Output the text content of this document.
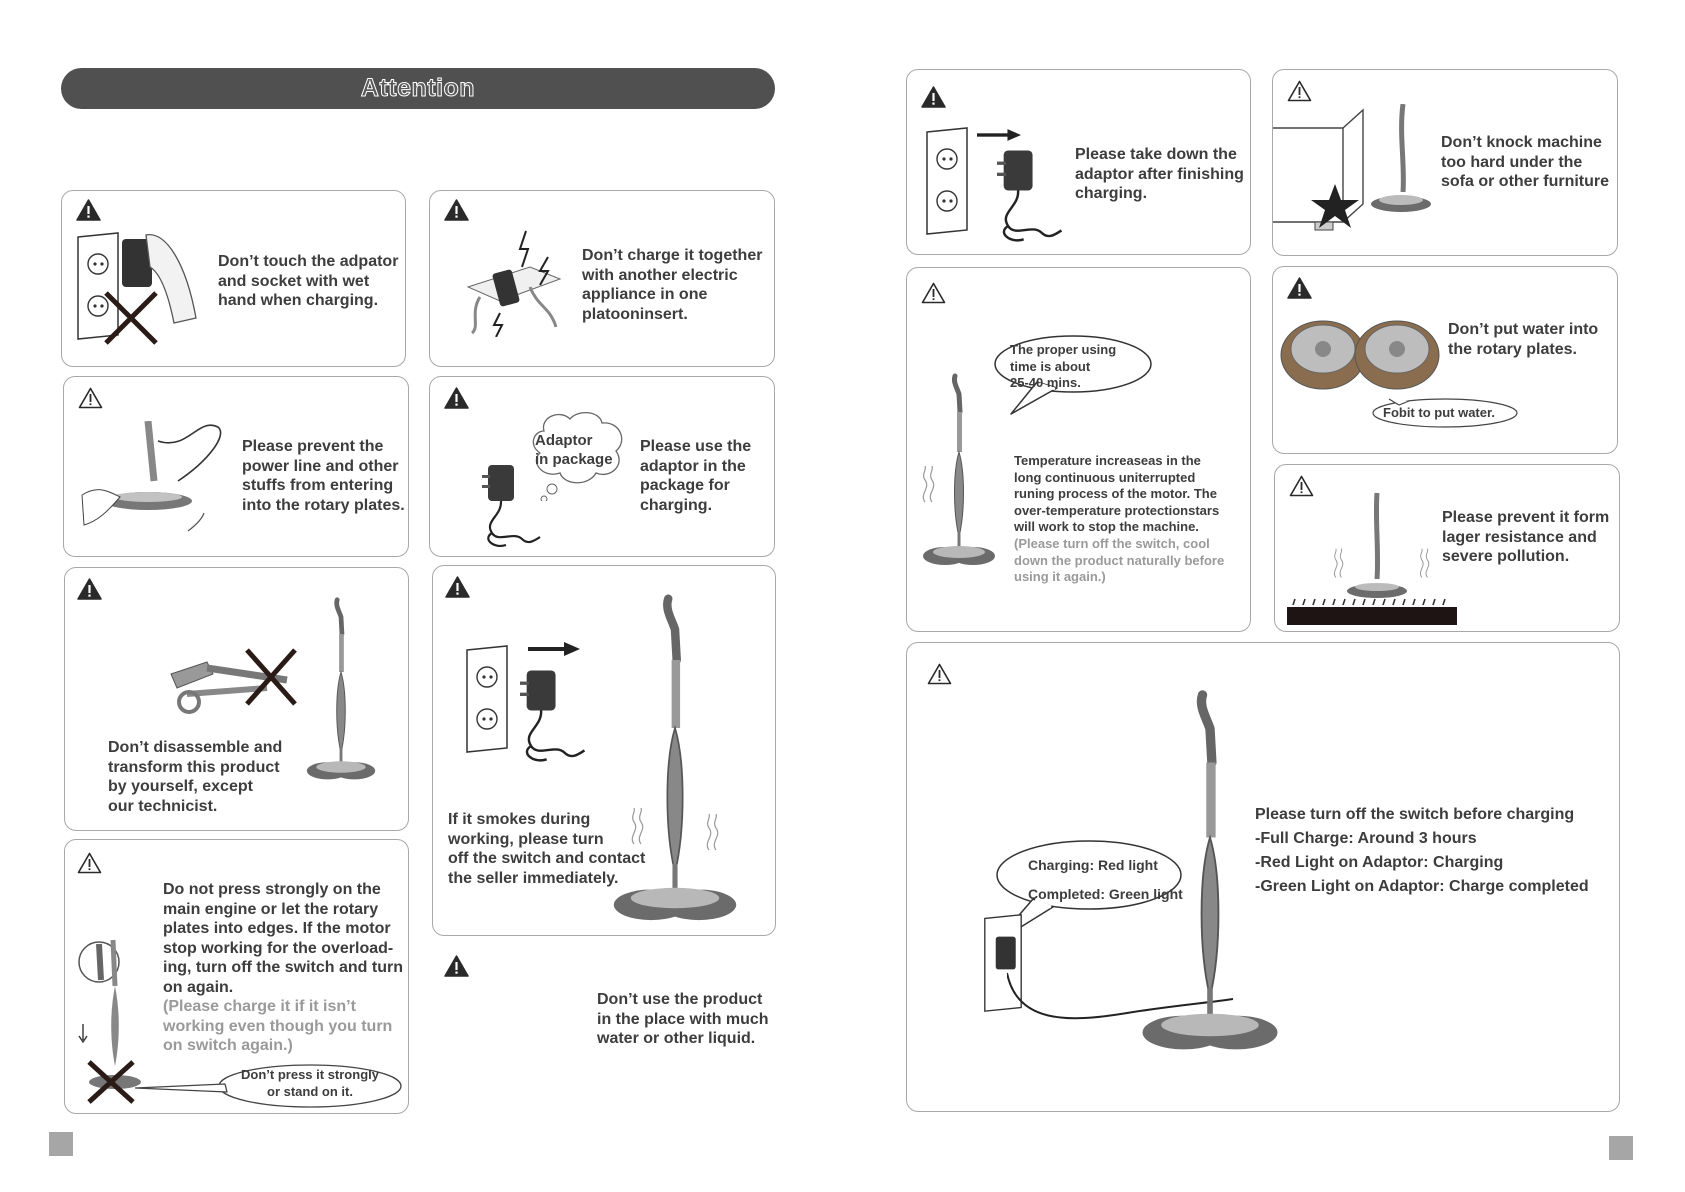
Attention
Don’t touch the adpator
and socket with wet
hand when charging.
Don’t charge it together
with another electric
appliance in one
platooninsert.
Please prevent the
power line and other
stuffs from entering
into the rotary plates.
Adaptor
in package
Please use the
adaptor in the
package for
charging.
Don’t disassemble and
transform this product
by yourself, except
our technicist.
If it smokes during
working, please turn
off the switch and contact
the seller immediately.
Do not press strongly on the
main engine or let the rotary
plates into edges. If the motor
stop working for the overload-
ing, turn off the switch and turn
on again.
(Please charge it if it isn’t
working even though you turn
on switch again.)
Don’t press it strongly
or stand on it.
Don’t use the product
in the place with much
water or other liquid.
Please take down the
adaptor after finishing
charging.
Don’t knock machine
too hard under the
sofa or other furniture
The proper using
time is about
25-40 mins.
Temperature increaseas in the
long continuous uniterrupted
runing process of the motor. The
over-temperature protectionstars
will work to stop the machine.
(Please turn off the switch, cool
down the product naturally before
using it again.)
Don’t put water into
the rotary plates.
Fobit to put water.
Please prevent it form
lager resistance and
severe pollution.
Charging: Red light
Completed: Green light
Please turn off the switch before charging
-Full Charge: Around 3 hours
-Red Light on Adaptor: Charging
-Green Light on Adaptor: Charge completed
